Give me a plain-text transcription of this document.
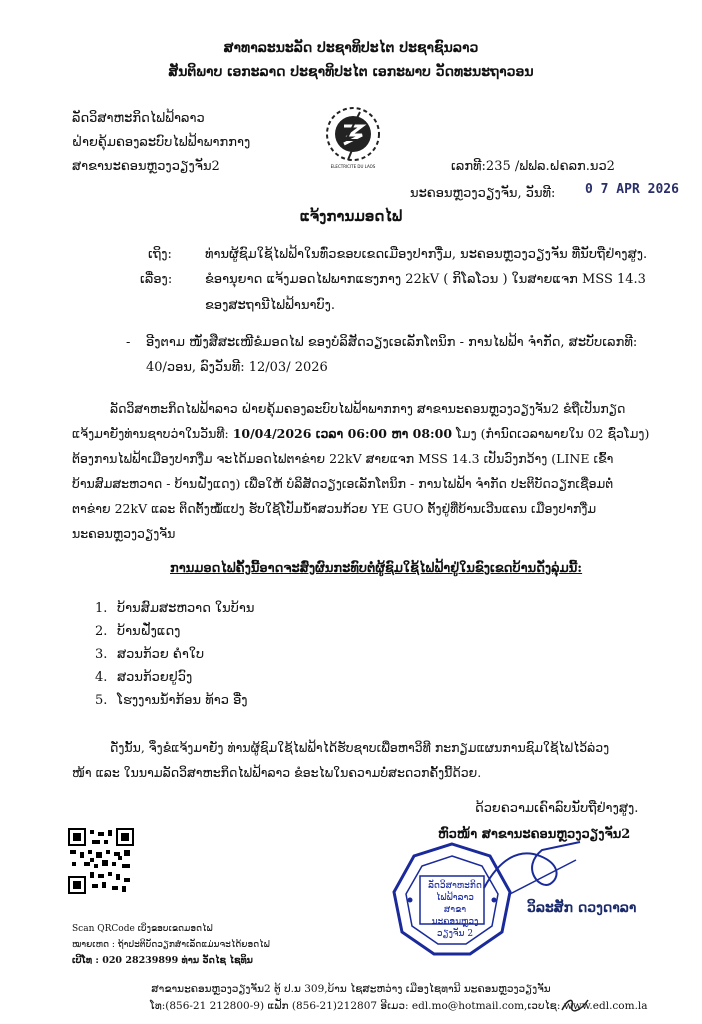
ສາທາລະນະລັດ ປະຊາທິປະໄຕ ປະຊາຊົນລາວ
ສັນຕິພາບ ເອກະລາດ ປະຊາທິປະໄຕ ເອກະພາບ ວັດທະນະຖາວອນ
ລັດວິສາຫະກິດໄຟຟ້າລາວ
ຝ່າຍຄຸ້ມຄອງລະບົບໄຟຟ້າພາກກາງ
ສາຂານະຄອນຫຼວງວຽງຈັນ2	ELECTRICITE DU LAOS	ເລກທີ:235 /ຟຟລ.ຝຄລກ.ນວ2
ນະຄອນຫຼວງວຽງຈັນ, ວັນທີ: 0 7 APR 2026
ແຈ້ງການມອດໄຟ
ເຖິງ:	ທ່ານຜູ້ຊົມໃຊ້ໄຟຟ້າໃນທົ່ວຂອບເຂດເມືອງປາກງື່ມ, ນະຄອນຫຼວງວຽງຈັນ ທີ່ນັບຖືຢ່າງສູງ.
ເລື່ອງ:	ຂໍອານຸຍາດ ແຈ້ງມອດໄຟພາກແຮງກາງ 22kV ( ກິໂລໂວນ ) ໃນສາຍແຈກ MSS 14.3
ຂອງສະຖານີໄຟຟ້ານາບົງ.
- ອີງຕາມ ໜັງສືສະເໜີຂໍມອດໄຟ ຂອງບໍລິສັດວຽງເອເລັກໂຕນິກ - ການໄຟຟ້າ ຈຳກັດ, ສະບັບເລກທີ:
40/ວອນ, ລົງວັນທີ: 12/03/ 2026
ລັດວິສາຫະກິດໄຟຟ້າລາວ ຝ່າຍຄຸ້ມຄອງລະບົບໄຟຟ້າພາກກາງ ສາຂານະຄອນຫຼວງວຽງຈັນ2 ຂໍຖືເປັນກຽດ
ແຈ້ງມາຍັງທ່ານຊາບວ່າໃນວັນທີ: 10/04/2026 ເວລາ 06:00 ຫາ 08:00 ໂມງ (ກຳນົດເວລາພາຍໃນ 02 ຊົ່ວໂມງ)
ຕ້ອງການໄຟຟ້າເມືອງປາກງື່ມ ຈະໄດ້ມອດໄຟຕາຂ່າຍ 22kV ສາຍແຈກ MSS 14.3 ເປັນວົງກວ້າງ (LINE ເຂົ້າ
ບ້ານສົມສະຫວາດ - ບ້ານຝັ່ງແດງ) ເພື່ອໃຫ້ ບໍລິສັດວຽງເອເລັກໂຕນິກ - ການໄຟຟ້າ ຈຳກັດ ປະຕິບັດວຽກເຊື່ອມຕໍ່
ຕາຂ່າຍ 22kV ແລະ ຕິດຕັ້ງໝໍ້ແປງ ຮັບໃຊ້ໂປັມນ້ຳສວນກ້ວຍ YE GUO ຕັ້ງຢູ່ທີ່ບ້ານເວີນແຄນ ເມືອງປາກງື່ມ
ນະຄອນຫຼວງວຽງຈັນ
ການມອດໄຟຄັ້ງນີ້ອາດຈະສົ່ງຜົນກະທົບຕໍ່ຜູ້ຊົມໃຊ້ໄຟຟ້າຢູ່ໃນຂົງເຂດບ້ານດັ່ງລຸ່ມນີ້:
1. ບ້ານສົມສະຫວາດ ໃນບ້ານ
2. ບ້ານຝັ່ງແດງ
3. ສວນກ້ວຍ ຄຳໃບ
4. ສວນກ້ວຍຢູວົງ
5. ໂຮງງານນ້ຳກ້ອນ ທ້າວ ອື່ງ
ດັ່ງນັ້ນ, ຈຶ່ງຂໍແຈ້ງມາຍັງ ທ່ານຜູ້ຊົມໃຊ້ໄຟຟ້າໄດ້ຮັບຊາບເພື່ອຫາວິທີ ກະກຽມແຜນການຊົມໃຊ້ໄຟໄວ້ລ່ວງ
ໜ້າ ແລະ ໃນນາມລັດວິສາຫະກິດໄຟຟ້າລາວ ຂໍອະໄພໃນຄວາມບໍ່ສະດວກຄັ້ງນີ້ດ້ວຍ.
ດ້ວຍຄວາມເຄົາລົບນັບຖືຢ່າງສູງ.
ຫົວໜ້າ ສາຂານະຄອນຫຼວງວຽງຈັນ2
ລັດວິສາຫະກິດ ໄຟຟ້າລາວ ສາຂາ ນະຄອນຫຼວງວຽງຈັນ 2
ວິລະສັກ ດວງດາລາ
Scan QRCode ເບິ່ງຂອບເຂດມອດໄຟ
ໝາຍເຫດ : ຖ້າປະຕິບັດວຽກສຳເລັດແມ່ນຈະໄດ້ຍອດໄຟ
ເບີໂທ : 020 28239899 ທ່ານ ວັດໄຊ ໄຊທິນ
ສາຂານະຄອນຫຼວງວຽງຈັນ2 ຕູ້ ປ.ນ 309,ບ້ານ ໄຊສະຫວ່າງ ເມືອງໄຊທານີ ນະຄອນຫຼວງວຽງຈັນ
ໂທ:(856-21 212800-9) ແຟັກ (856-21)212807 ອີເມວ: edl.mo@hotmail.com,ເວບໄຊ: www.edl.com.la
